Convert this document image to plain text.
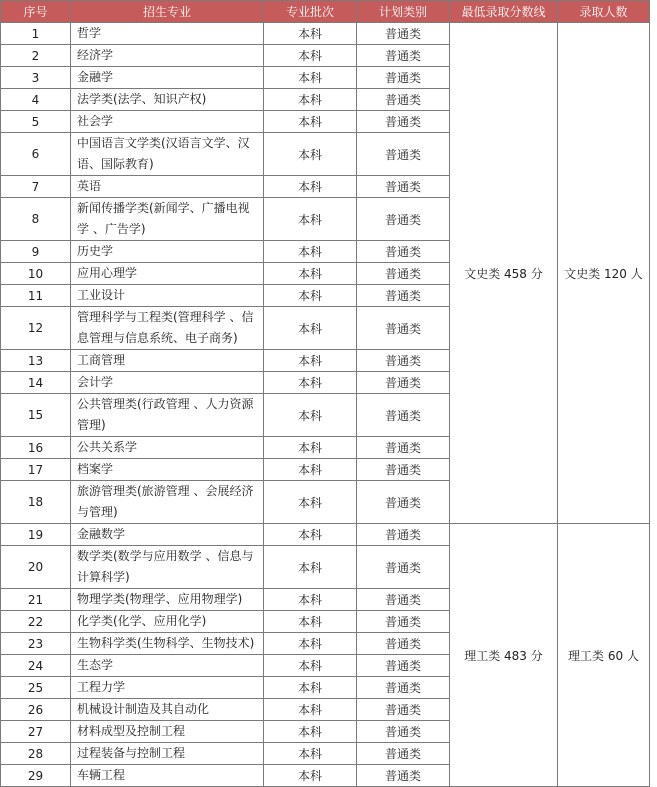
序号	招生专业	专业批次	计划类别	最低录取分数线	录取人数
1	哲学	本科	普通类	文史类 458 分	文史类 120 人
2	经济学	本科	普通类		
3	金融学	本科	普通类		
4	法学类(法学、知识产权)	本科	普通类		
5	社会学	本科	普通类		
6	中国语言文学类(汉语言文学、汉语、国际教育)	本科	普通类		
7	英语	本科	普通类		
8	新闻传播学类(新闻学、广播电视学 、广告学)	本科	普通类		
9	历史学	本科	普通类		
10	应用心理学	本科	普通类		
11	工业设计	本科	普通类		
12	管理科学与工程类(管理科学 、信息管理与信息系统、电子商务)	本科	普通类		
13	工商管理	本科	普通类		
14	会计学	本科	普通类		
15	公共管理类(行政管理 、人力资源管理)	本科	普通类		
16	公共关系学	本科	普通类		
17	档案学	本科	普通类		
18	旅游管理类(旅游管理 、会展经济与管理)	本科	普通类		
19	金融数学	本科	普通类	理工类 483 分	理工类 60 人
20	数学类(数学与应用数学 、信息与计算科学)	本科	普通类		
21	物理学类(物理学、应用物理学)	本科	普通类		
22	化学类(化学、应用化学)	本科	普通类		
23	生物科学类(生物科学、生物技术)	本科	普通类		
24	生态学	本科	普通类		
25	工程力学	本科	普通类		
26	机械设计制造及其自动化	本科	普通类		
27	材料成型及控制工程	本科	普通类		
28	过程装备与控制工程	本科	普通类		
29	车辆工程	本科	普通类		
